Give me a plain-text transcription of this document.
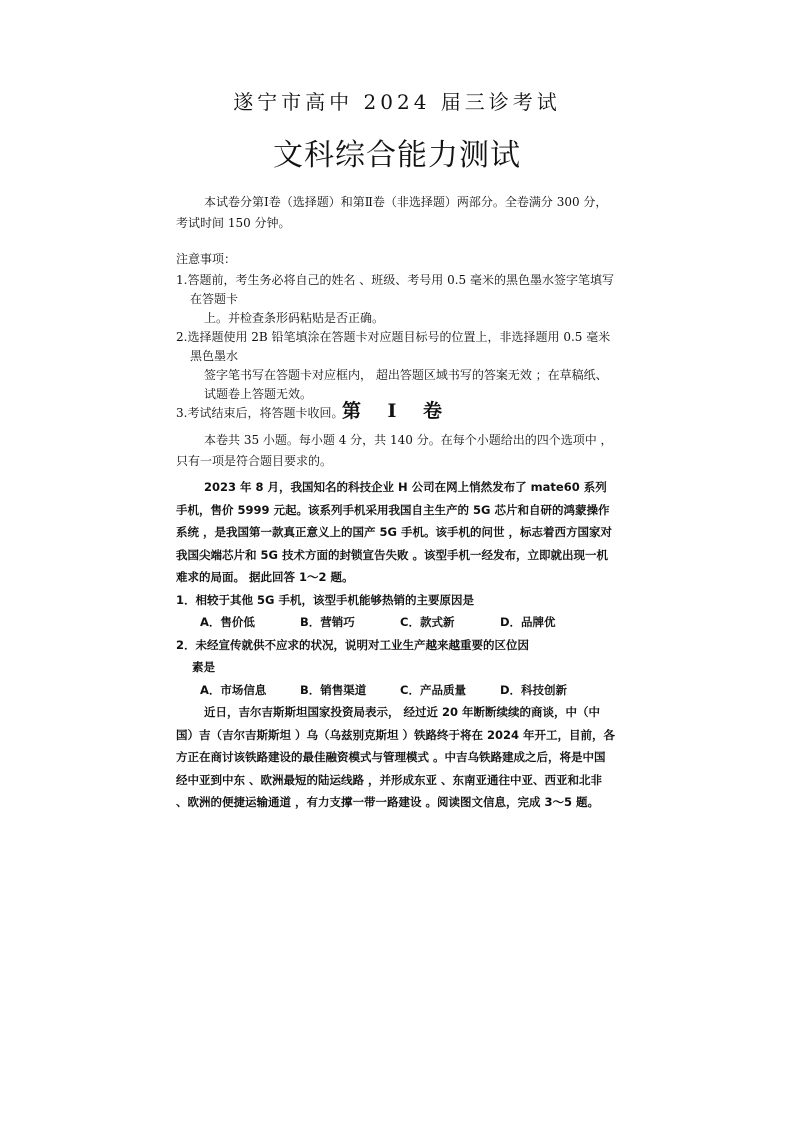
遂宁市高中 2024 届三诊考试
文科综合能力测试
本试卷分第Ⅰ卷（选择题）和第Ⅱ卷（非选择题）两部分。全卷满分 300 分，考试时间 150 分钟。
注意事项：
1.答题前，考生务必将自己的姓名 、班级、考号用 0.5 毫米的黑色墨水签字笔填写在答题卡
上。并检查条形码粘贴是否正确。
2.选择题使用 2B 铅笔填涂在答题卡对应题目标号的位置上，非选择题用 0.5 毫米黑色墨水
签字笔书写在答题卡对应框内， 超出答题区域书写的答案无效 ；在草稿纸、试题卷上答题无效。
3.考试结束后，将答题卡收回。
第 Ⅰ 卷
本卷共 35 小题。每小题 4 分，共 140 分。在每个小题给出的四个选项中 ，只有一项是符合题目要求的。
2023 年 8 月，我国知名的科技企业 H 公司在网上悄然发布了 mate60 系列手机，售价 5999 元起。该系列手机采用我国自主生产的 5G 芯片和自研的鸿蒙操作系统 ，是我国第一款真正意义上的国产 5G 手机。该手机的问世 ，标志着西方国家对我国尖端芯片和 5G 技术方面的封锁宣告失败 。该型手机一经发布，立即就出现一机难求的局面。 据此回答 1～2 题。
1．相较于其他 5G 手机，该型手机能够热销的主要原因是
A．售价低	B．营销巧	C．款式新	D．品牌优
2．未经宣传就供不应求的状况，说明对工业生产越来越重要的区位因
素是
A．市场信息	B．销售渠道	C．产品质量	D．科技创新
近日，吉尔吉斯斯坦国家投资局表示， 经过近 20 年断断续续的商谈，中（中国）吉（吉尔吉斯斯坦 ）乌（乌兹别克斯坦 ）铁路终于将在 2024 年开工，目前，各方正在商讨该铁路建设的最佳融资模式与管理模式 。中吉乌铁路建成之后，将是中国经中亚到中东 、欧洲最短的陆运线路 ，并形成东亚 、东南亚通往中亚、西亚和北非 、欧洲的便捷运输通道 ，有力支撑一带一路建设 。阅读图文信息，完成 3～5 题。
